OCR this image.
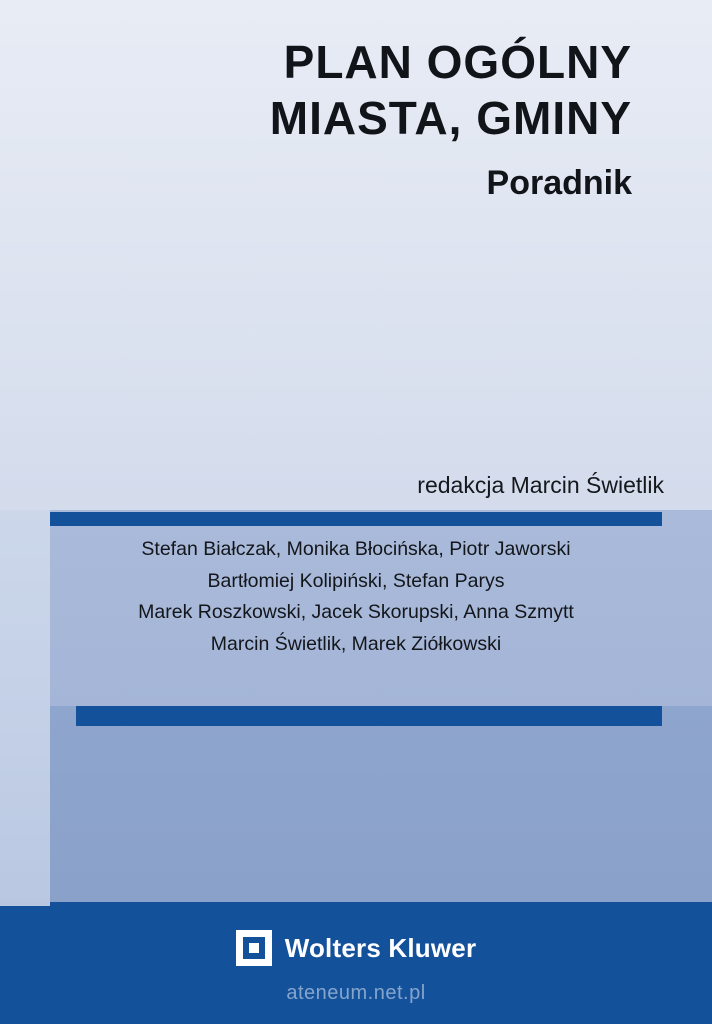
PLAN OGÓLNY
MIASTA, GMINY
Poradnik
redakcja Marcin Świetlik
Stefan Białczak, Monika Błocińska, Piotr Jaworski
Bartłomiej Kolipiński, Stefan Parys
Marek Roszkowski, Jacek Skorupski, Anna Szmytt
Marcin Świetlik, Marek Ziółkowski
Wolters Kluwer
ateneum.net.pl
